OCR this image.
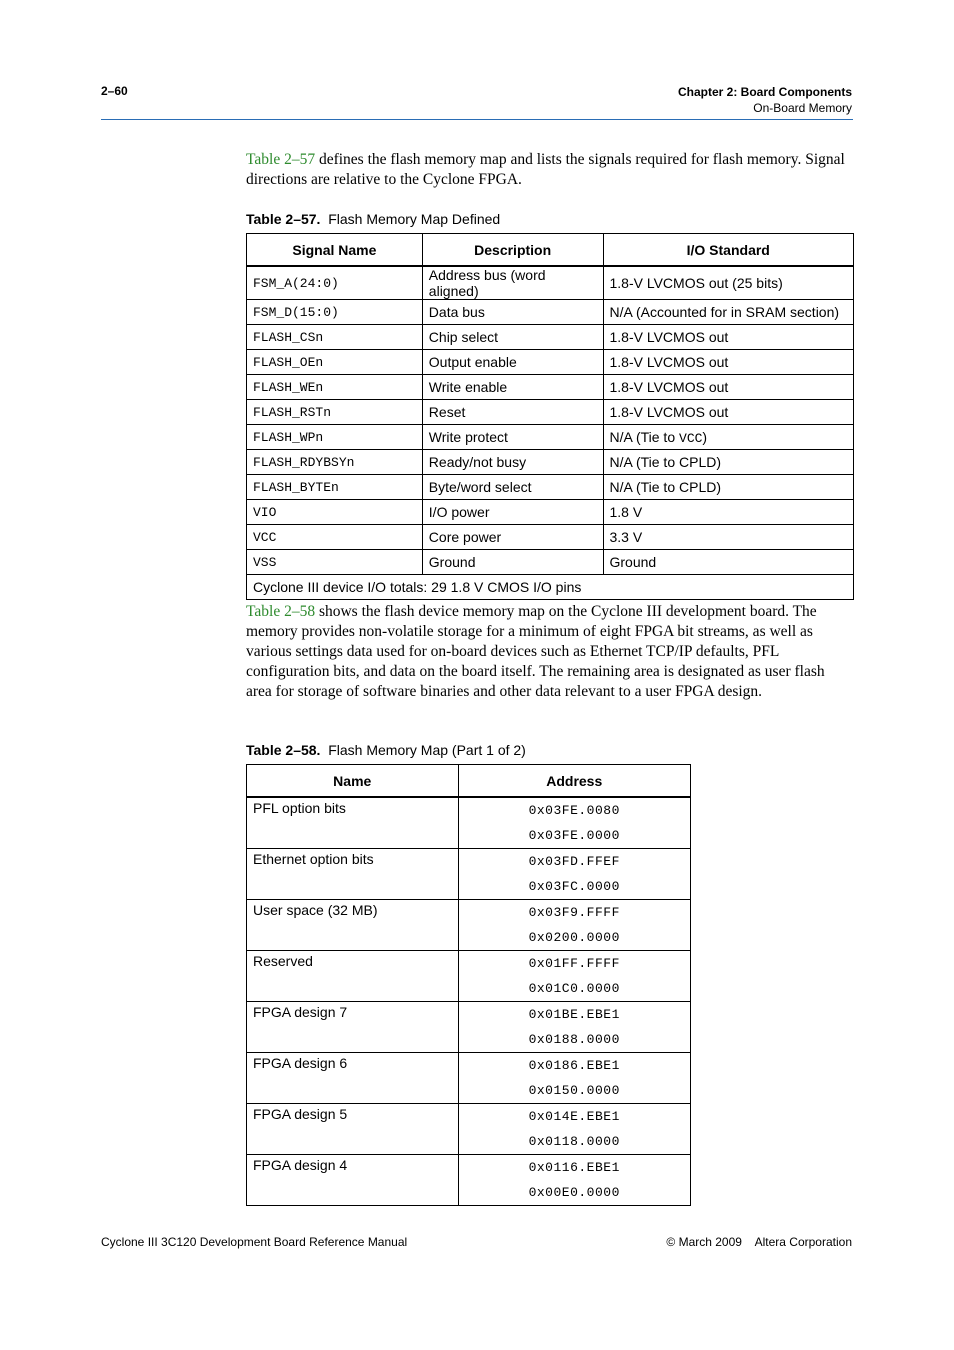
2–60	Chapter 2: Board Components
On-Board Memory
Table 2–57 defines the flash memory map and lists the signals required for flash memory. Signal directions are relative to the Cyclone FPGA.
Table 2–57. Flash Memory Map Defined
Signal Name	Description	I/O Standard
FSM_A(24:0)	Address bus (word aligned)	1.8-V LVCMOS out (25 bits)
FSM_D(15:0)	Data bus	N/A (Accounted for in SRAM section)
FLASH_CSn	Chip select	1.8-V LVCMOS out
FLASH_OEn	Output enable	1.8-V LVCMOS out
FLASH_WEn	Write enable	1.8-V LVCMOS out
FLASH_RSTn	Reset	1.8-V LVCMOS out
FLASH_WPn	Write protect	N/A (Tie to VCC)
FLASH_RDYBSYn	Ready/not busy	N/A (Tie to CPLD)
FLASH_BYTEn	Byte/word select	N/A (Tie to CPLD)
VIO	I/O power	1.8 V
VCC	Core power	3.3 V
VSS	Ground	Ground
Cyclone III device I/O totals: 29 1.8 V CMOS I/O pins		
Table 2–58 shows the flash device memory map on the Cyclone III development board. The memory provides non-volatile storage for a minimum of eight FPGA bit streams, as well as various settings data used for on-board devices such as Ethernet TCP/IP defaults, PFL configuration bits, and data on the board itself. The remaining area is designated as user flash area for storage of software binaries and other data relevant to a user FPGA design.
Table 2–58. Flash Memory Map (Part 1 of 2)
Name	Address
PFL option bits	0x03FE.0080
0x03FE.0000

Ethernet option bits	0x03FD.FFEF
0x03FC.0000

User space (32 MB)	0x03F9.FFFF
0x0200.0000

Reserved	0x01FF.FFFF
0x01C0.0000

FPGA design 7	0x01BE.EBE1
0x0188.0000

FPGA design 6	0x0186.EBE1
0x0150.0000

FPGA design 5	0x014E.EBE1
0x0118.0000

FPGA design 4	0x0116.EBE1
0x00E0.0000
Cyclone III 3C120 Development Board Reference Manual	© March 2009    Altera Corporation
